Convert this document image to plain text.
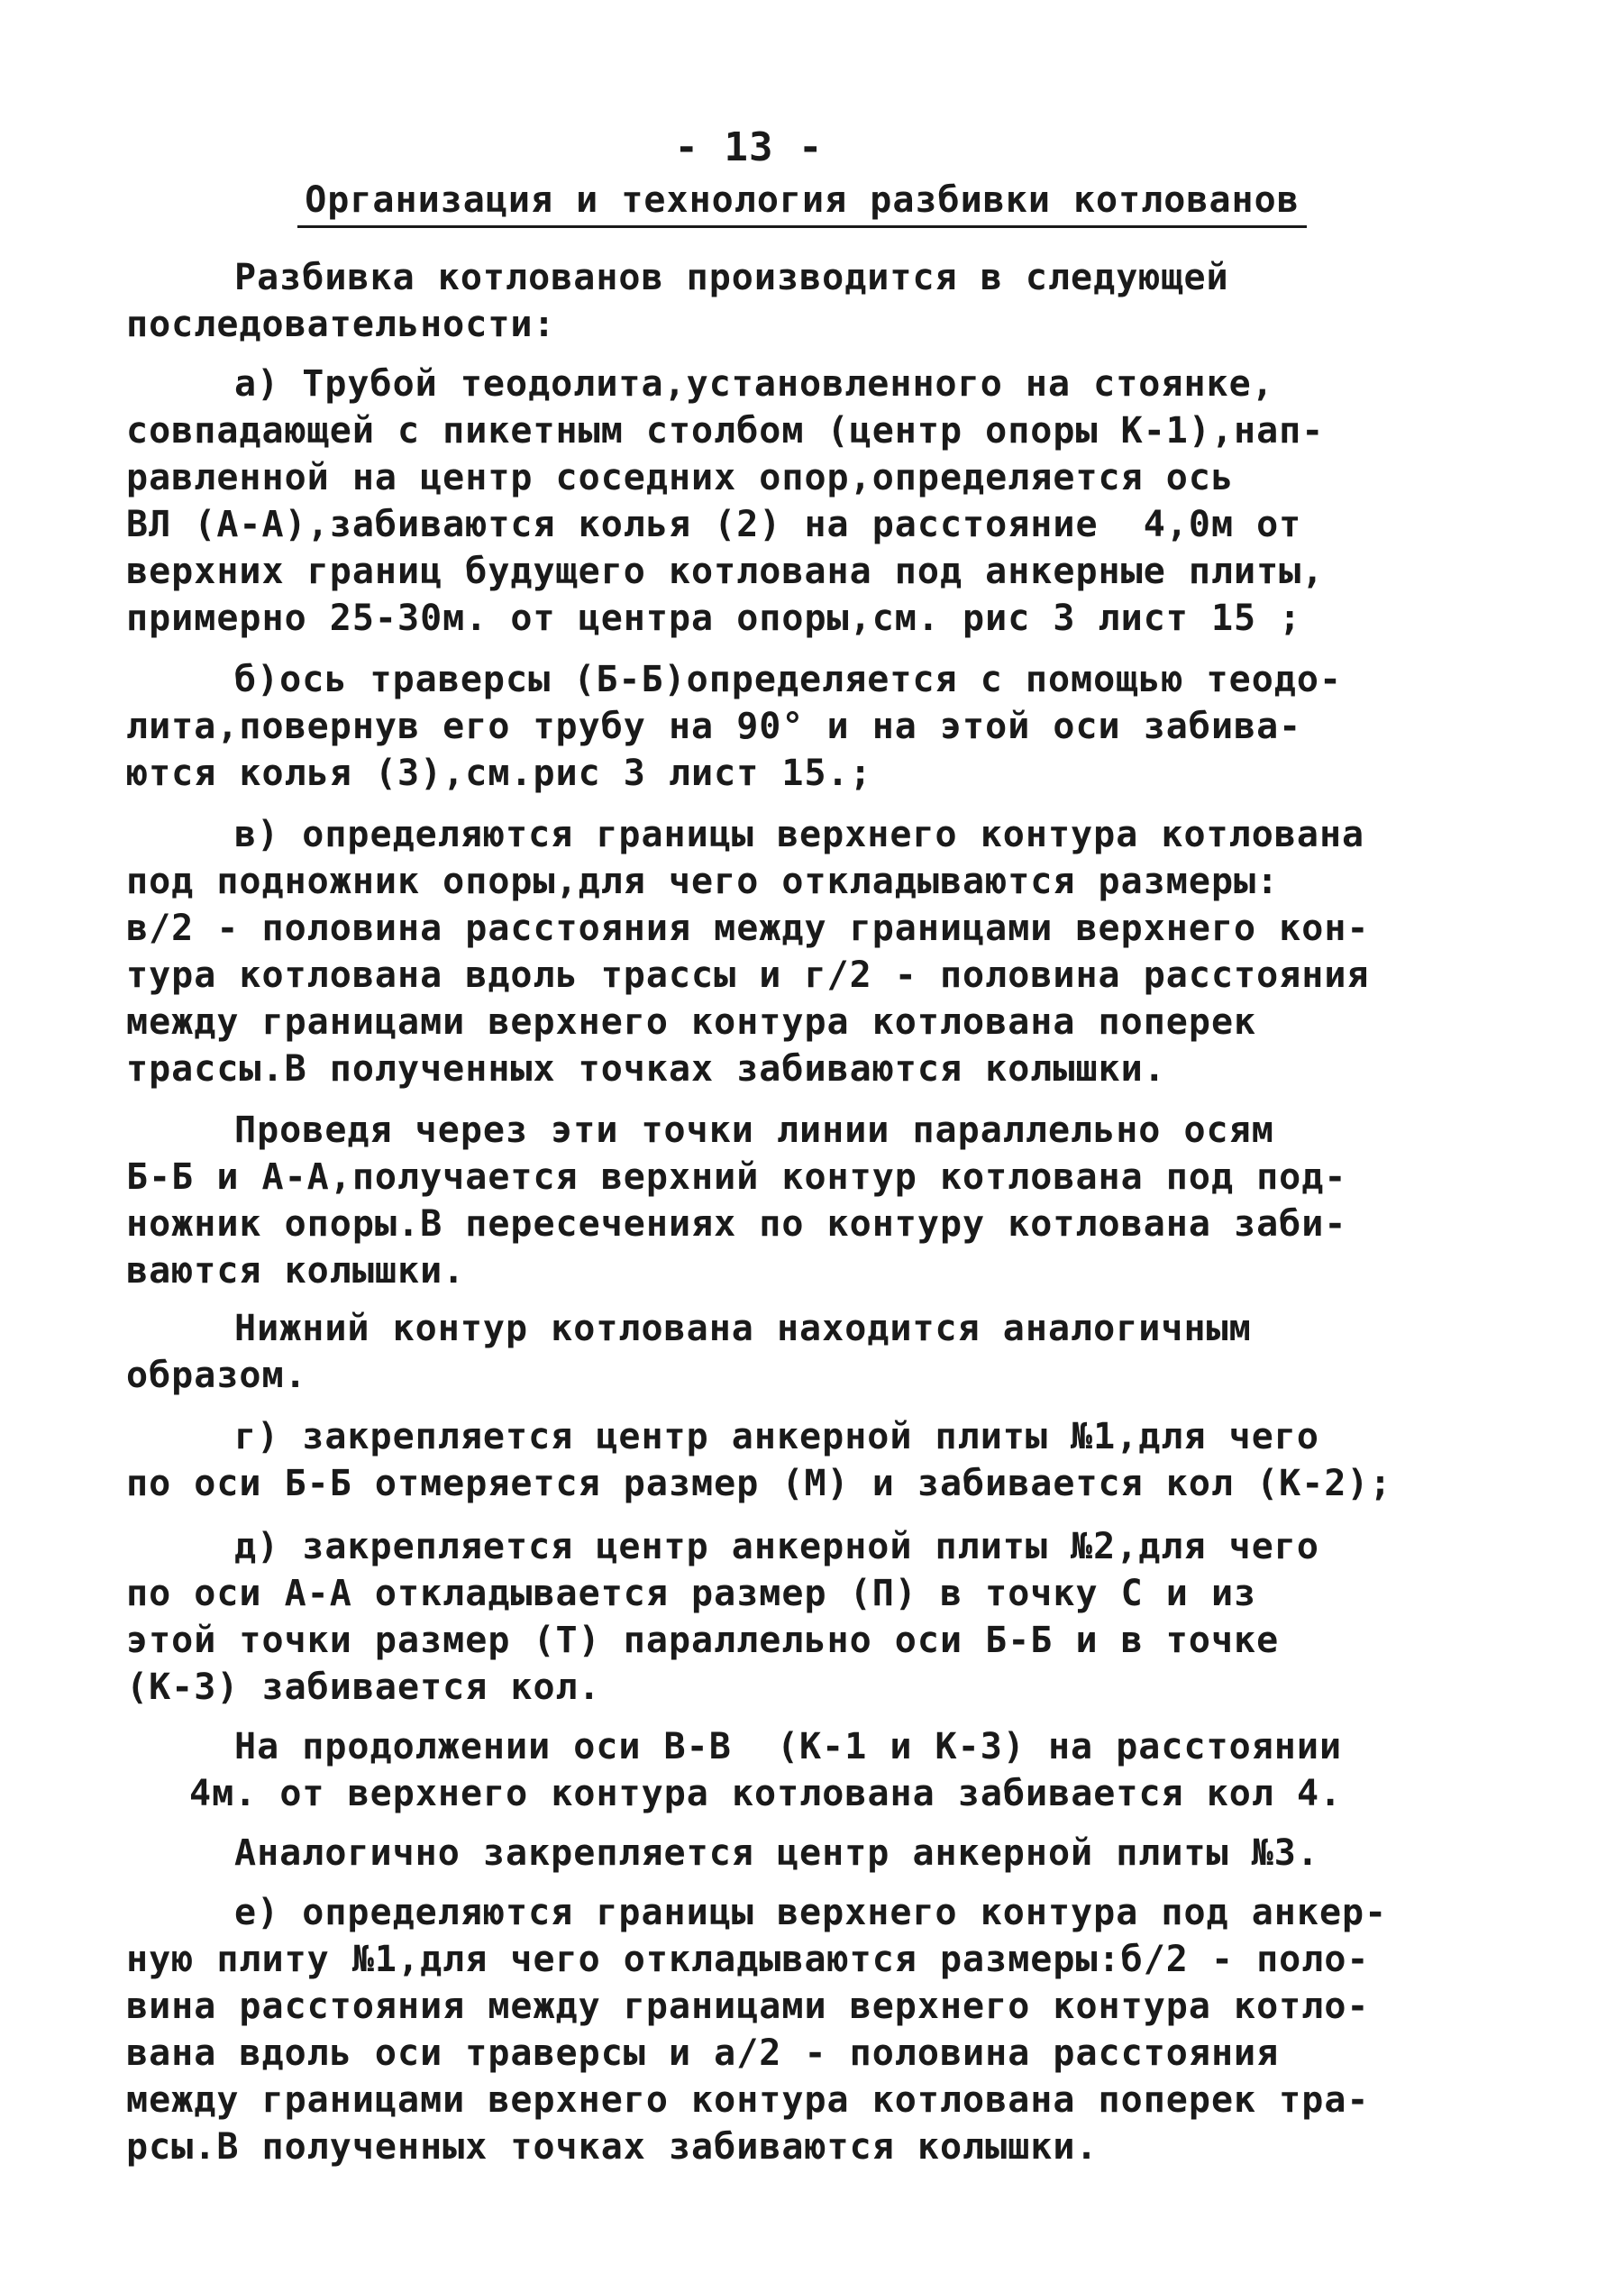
- 13 -
Организация и технология разбивки котлованов
Разбивка котлованов производится в следующей
последовательности:
а) Трубой теодолита,установленного на стоянке,
совпадающей с пикетным столбом (центр опоры К-1),нап-
равленной на центр соседних опор,определяется ось
ВЛ (А-А),забиваются колья (2) на расстояние  4,0м от
верхних границ будущего котлована под анкерные плиты,
примерно 25-30м. от центра опоры,см. рис 3 лист 15 ;
б)ось траверсы (Б-Б)определяется с помощью теодо-
лита,повернув его трубу на 90° и на этой оси забива-
ются колья (3),см.рис 3 лист 15.;
в) определяются границы верхнего контура котлована
под подножник опоры,для чего откладываются размеры:
в/2 - половина расстояния между границами верхнего кон-
тура котлована вдоль трассы и г/2 - половина расстояния
между границами верхнего контура котлована поперек
трассы.В полученных точках забиваются колышки.
Проведя через эти точки линии параллельно осям
Б-Б и А-А,получается верхний контур котлована под под-
ножник опоры.В пересечениях по контуру котлована заби-
ваются колышки.
Нижний контур котлована находится аналогичным
образом.
г) закрепляется центр анкерной плиты №1,для чего
по оси Б-Б отмеряется размер (М) и забивается кол (К-2);
д) закрепляется центр анкерной плиты №2,для чего
по оси А-А откладывается размер (П) в точку С и из
этой точки размер (Т) параллельно оси Б-Б и в точке
(К-3) забивается кол.
На продолжении оси В-В  (К-1 и К-3) на расстоянии
4м. от верхнего контура котлована забивается кол 4.
Аналогично закрепляется центр анкерной плиты №3.
е) определяются границы верхнего контура под анкер-
ную плиту №1,для чего откладываются размеры:б/2 - поло-
вина расстояния между границами верхнего контура котло-
вана вдоль оси траверсы и а/2 - половина расстояния
между границами верхнего контура котлована поперек тра-
рсы.В полученных точках забиваются колышки.
